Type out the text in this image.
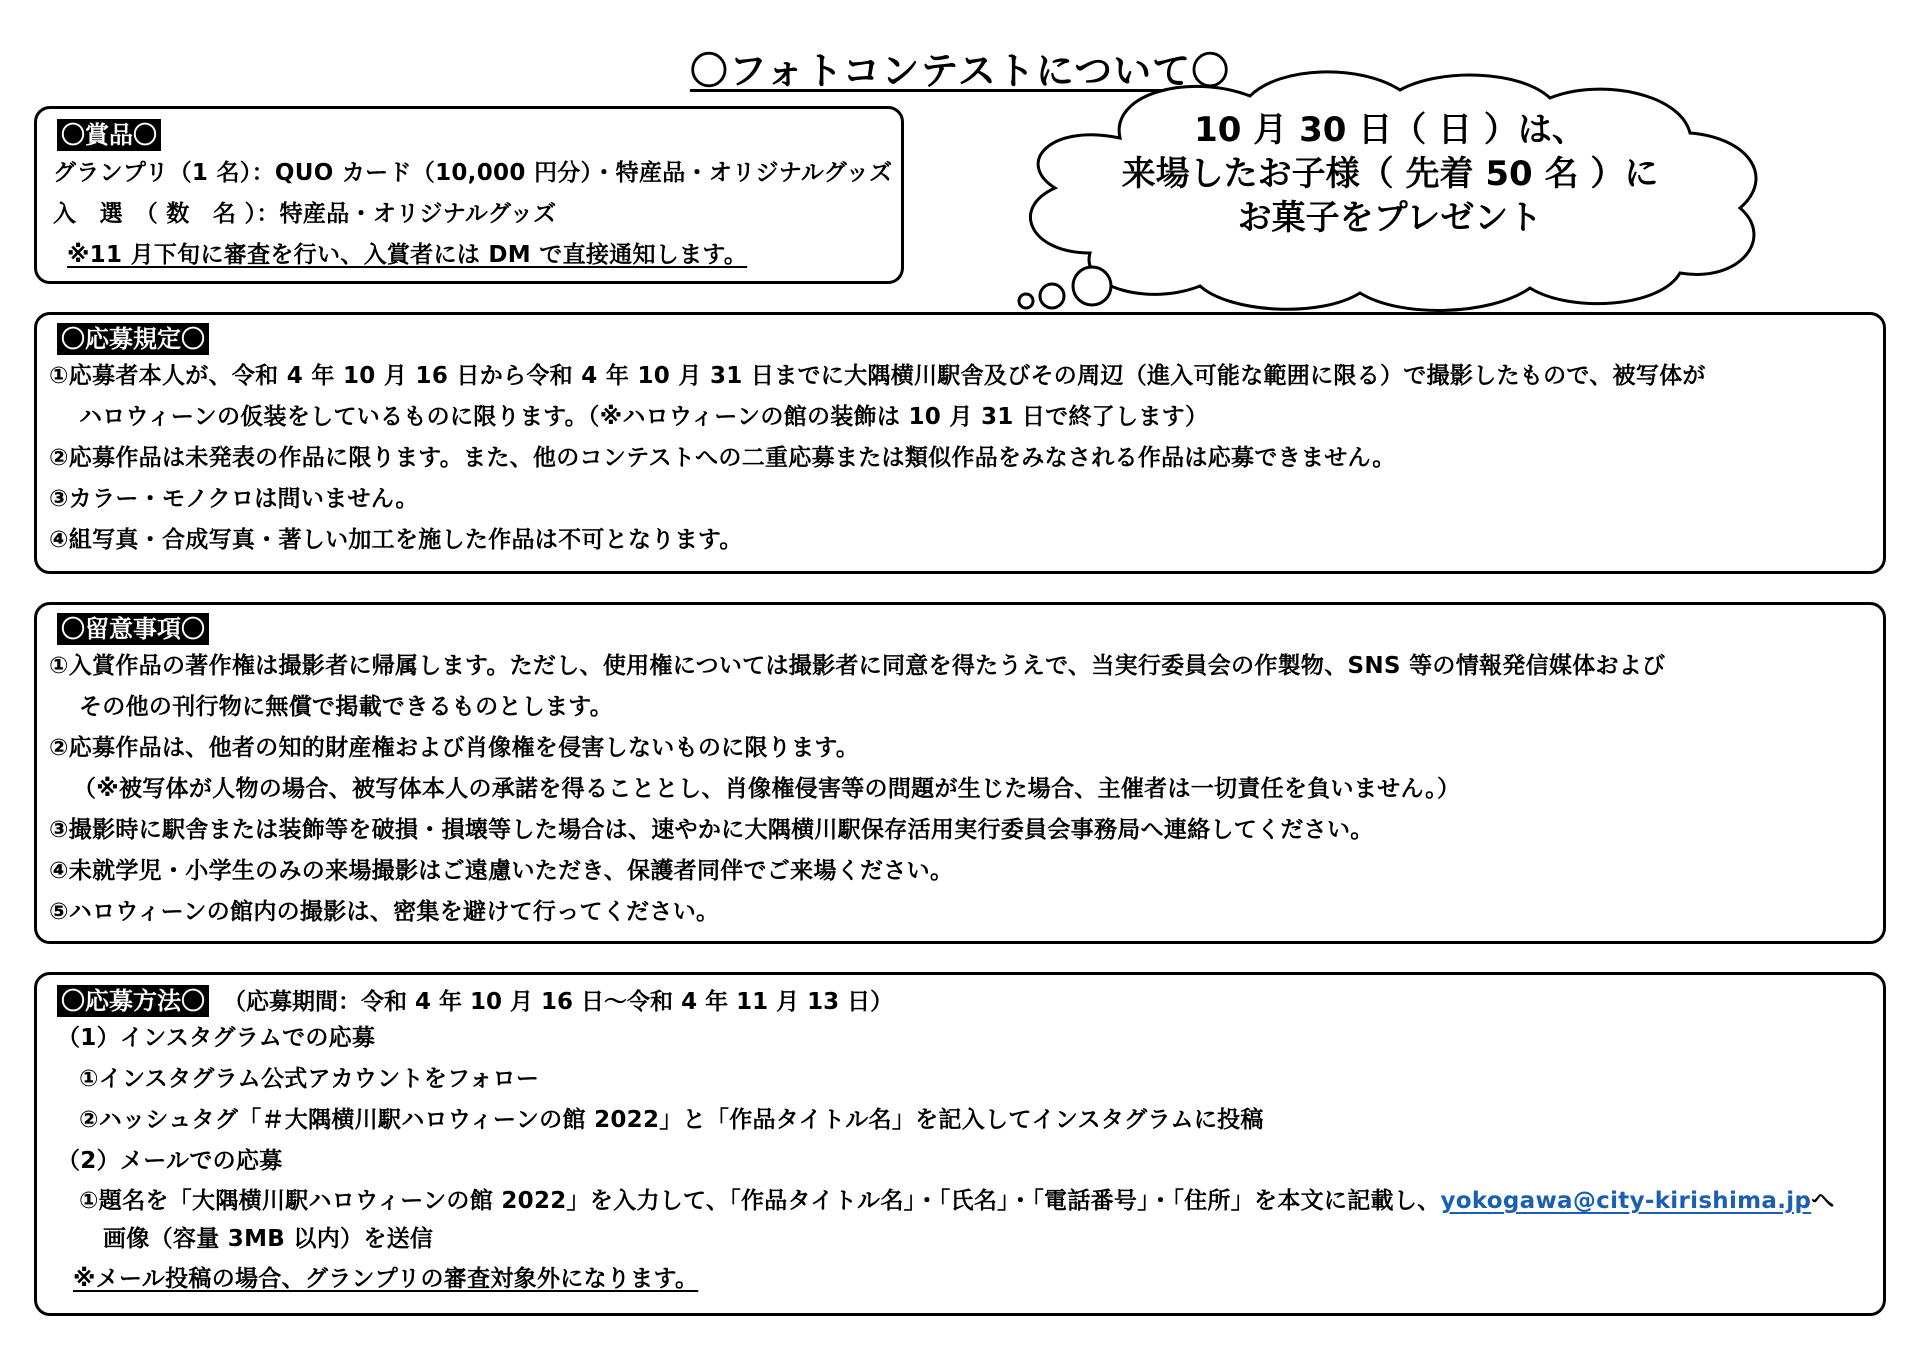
〇フォトコンテストについて〇
〇賞品〇
グランプリ（1 名）：QUO カード（10,000 円分）・特産品・オリジナルグッズ
入　選　（ 数　名 ）：特産品・オリジナルグッズ
※11 月下旬に審査を行い、入賞者には DM で直接通知します。
10 月 30 日（ 日 ）は、
来場したお子様（ 先着 50 名 ）に
お菓子をプレゼント
〇応募規定〇
①応募者本人が、令和 4 年 10 月 16 日から令和 4 年 10 月 31 日までに大隅横川駅舎及びその周辺（進入可能な範囲に限る）で撮影したもので、被写体が
ハロウィーンの仮装をしているものに限ります。（※ハロウィーンの館の装飾は 10 月 31 日で終了します）
②応募作品は未発表の作品に限ります。また、他のコンテストへの二重応募または類似作品をみなされる作品は応募できません。
③カラー・モノクロは問いません。
④組写真・合成写真・著しい加工を施した作品は不可となります。
〇留意事項〇
①入賞作品の著作権は撮影者に帰属します。ただし、使用権については撮影者に同意を得たうえで、当実行委員会の作製物、SNS 等の情報発信媒体および
その他の刊行物に無償で掲載できるものとします。
②応募作品は、他者の知的財産権および肖像権を侵害しないものに限ります。
（※被写体が人物の場合、被写体本人の承諾を得ることとし、肖像権侵害等の問題が生じた場合、主催者は一切責任を負いません。）
③撮影時に駅舎または装飾等を破損・損壊等した場合は、速やかに大隅横川駅保存活用実行委員会事務局へ連絡してください。
④未就学児・小学生のみの来場撮影はご遠慮いただき、保護者同伴でご来場ください。
⑤ハロウィーンの館内の撮影は、密集を避けて行ってください。
〇応募方法〇 （応募期間：令和 4 年 10 月 16 日～令和 4 年 11 月 13 日）
（1）インスタグラムでの応募
①インスタグラム公式アカウントをフォロー
②ハッシュタグ「＃大隅横川駅ハロウィーンの館 2022」と「作品タイトル名」を記入してインスタグラムに投稿
（2）メールでの応募
①題名を「大隅横川駅ハロウィーンの館 2022」を入力して、「作品タイトル名」・「氏名」・「電話番号」・「住所」を本文に記載し、yokogawa@city-kirishima.jpへ
画像（容量 3MB 以内）を送信
※メール投稿の場合、グランプリの審査対象外になります。
